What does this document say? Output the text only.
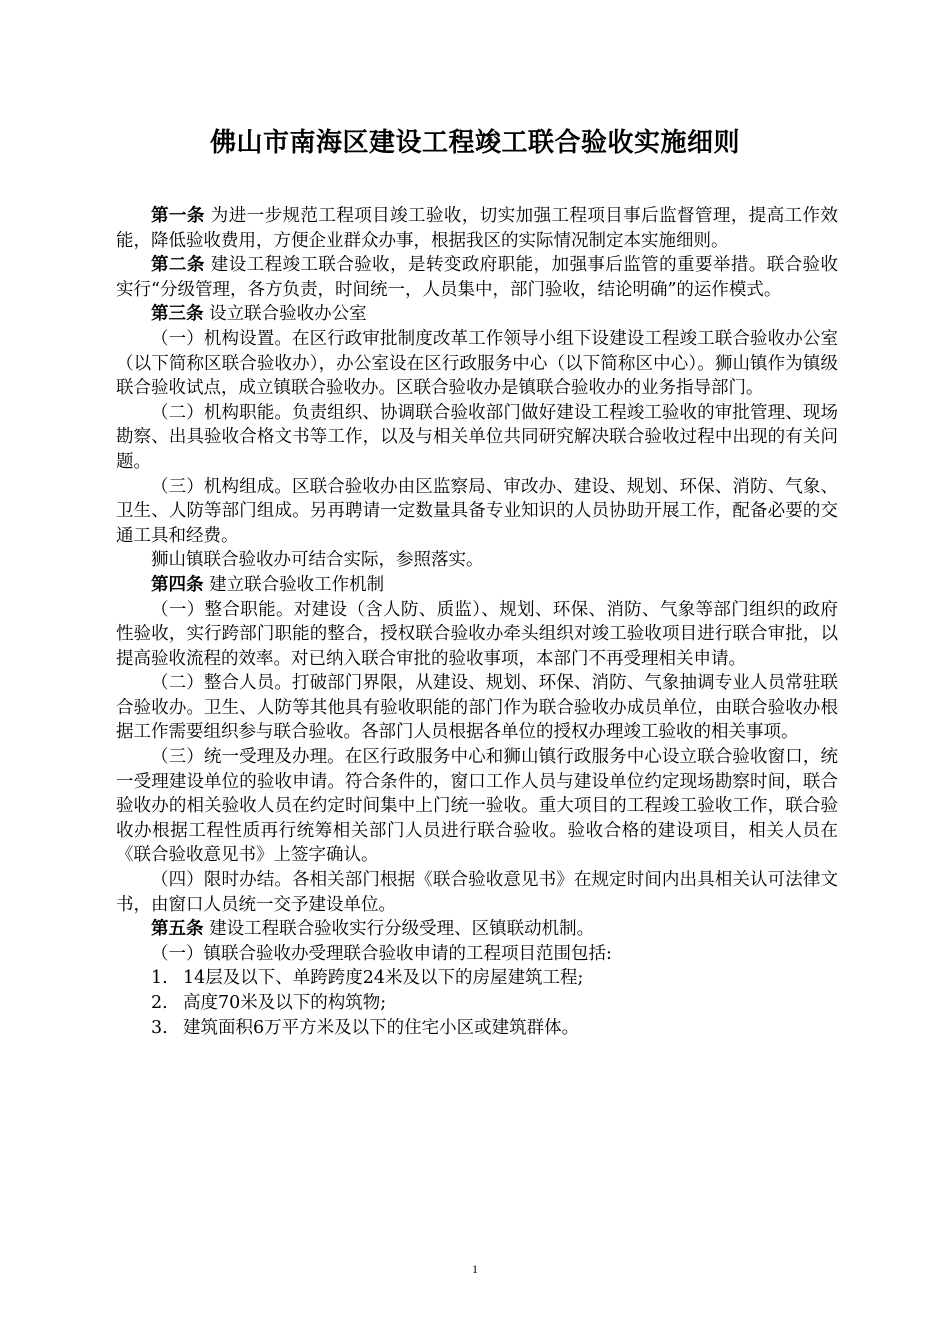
佛山市南海区建设工程竣工联合验收实施细则

第一条 为进一步规范工程项目竣工验收，切实加强工程项目事后监督管理，提高工作效能，降低验收费用，方便企业群众办事，根据我区的实际情况制定本实施细则。

第二条 建设工程竣工联合验收，是转变政府职能，加强事后监管的重要举措。联合验收实行“分级管理，各方负责，时间统一，人员集中，部门验收，结论明确”的运作模式。

第三条 设立联合验收办公室

（一）机构设置。在区行政审批制度改革工作领导小组下设建设工程竣工联合验收办公室（以下简称区联合验收办），办公室设在区行政服务中心（以下简称区中心）。狮山镇作为镇级联合验收试点，成立镇联合验收办。区联合验收办是镇联合验收办的业务指导部门。

（二）机构职能。负责组织、协调联合验收部门做好建设工程竣工验收的审批管理、现场勘察、出具验收合格文书等工作，以及与相关单位共同研究解决联合验收过程中出现的有关问题。

（三）机构组成。区联合验收办由区监察局、审改办、建设、规划、环保、消防、气象、卫生、人防等部门组成。另再聘请一定数量具备专业知识的人员协助开展工作，配备必要的交通工具和经费。

狮山镇联合验收办可结合实际，参照落实。

第四条 建立联合验收工作机制

（一）整合职能。对建设（含人防、质监）、规划、环保、消防、气象等部门组织的政府性验收，实行跨部门职能的整合，授权联合验收办牵头组织对竣工验收项目进行联合审批，以提高验收流程的效率。对已纳入联合审批的验收事项，本部门不再受理相关申请。

（二）整合人员。打破部门界限，从建设、规划、环保、消防、气象抽调专业人员常驻联合验收办。卫生、人防等其他具有验收职能的部门作为联合验收办成员单位，由联合验收办根据工作需要组织参与联合验收。各部门人员根据各单位的授权办理竣工验收的相关事项。

（三）统一受理及办理。在区行政服务中心和狮山镇行政服务中心设立联合验收窗口，统一受理建设单位的验收申请。符合条件的，窗口工作人员与建设单位约定现场勘察时间，联合验收办的相关验收人员在约定时间集中上门统一验收。重大项目的工程竣工验收工作，联合验收办根据工程性质再行统筹相关部门人员进行联合验收。验收合格的建设项目，相关人员在《联合验收意见书》上签字确认。

（四）限时办结。各相关部门根据《联合验收意见书》在规定时间内出具相关认可法律文书，由窗口人员统一交予建设单位。

第五条 建设工程联合验收实行分级受理、区镇联动机制。

（一）镇联合验收办受理联合验收申请的工程项目范围包括:

1. 14层及以下、单跨跨度24米及以下的房屋建筑工程;

2. 高度70米及以下的构筑物;

3. 建筑面积6万平方米及以下的住宅小区或建筑群体。

1
